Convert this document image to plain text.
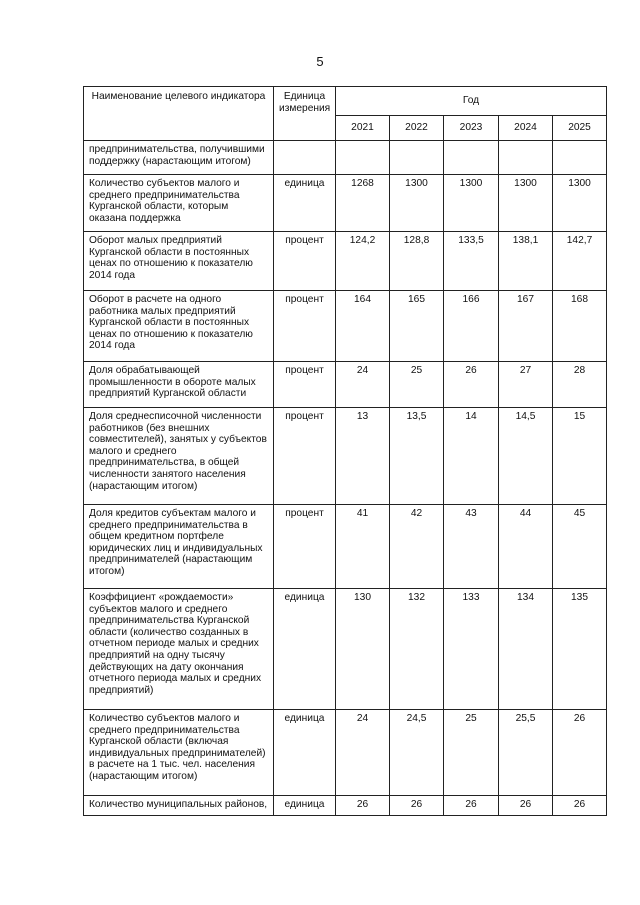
5
Наименование целевого индикатора	Единица измерения	Год				
		2021	2022	2023	2024	2025
предпринимательства, получившими поддержку (нарастающим итогом)						
Количество субъектов малого и среднего предпринимательства Курганской области, которым оказана поддержка	единица	1268	1300	1300	1300	1300
Оборот малых предприятий Курганской области в постоянных ценах по отношению к показателю 2014 года	процент	124,2	128,8	133,5	138,1	142,7
Оборот в расчете на одного работника малых предприятий Курганской области в постоянных ценах по отношению к показателю 2014 года	процент	164	165	166	167	168
Доля обрабатывающей промышленности в обороте малых предприятий Курганской области	процент	24	25	26	27	28
Доля среднесписочной численности работников (без внешних совместителей), занятых у субъектов малого и среднего предпринимательства, в общей численности занятого населения (нарастающим итогом)	процент	13	13,5	14	14,5	15
Доля кредитов субъектам малого и среднего предпринимательства в общем кредитном портфеле юридических лиц и индивидуальных предпринимателей (нарастающим итогом)	процент	41	42	43	44	45
Коэффициент «рождаемости» субъектов малого и среднего предпринимательства Курганской области (количество созданных в отчетном периоде малых и средних предприятий на одну тысячу действующих на дату окончания отчетного периода малых и средних предприятий)	единица	130	132	133	134	135
Количество субъектов малого и среднего предпринимательства Курганской области (включая индивидуальных предпринимателей) в расчете на 1 тыс. чел. населения (нарастающим итогом)	единица	24	24,5	25	25,5	26
Количество муниципальных районов,	единица	26	26	26	26	26
